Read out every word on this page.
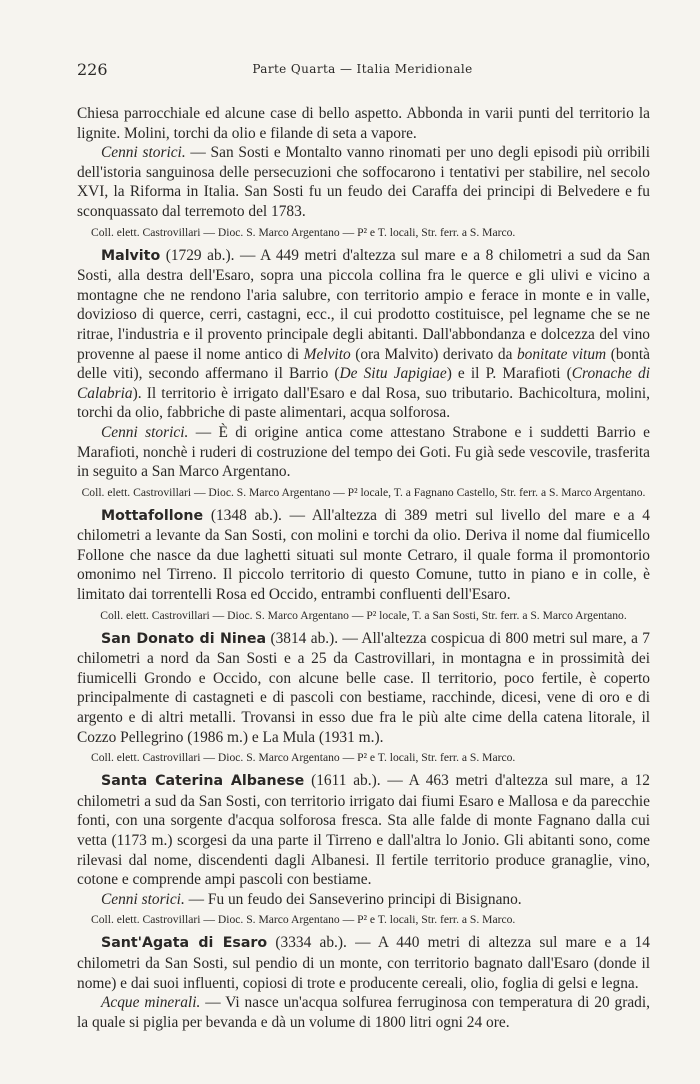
226	Parte Quarta — Italia Meridionale

Chiesa parrocchiale ed alcune case di bello aspetto. Abbonda in varii punti del territorio la lignite. Molini, torchi da olio e filande di seta a vapore.

Cenni storici. — San Sosti e Montalto vanno rinomati per uno degli episodi più orribili dell'istoria sanguinosa delle persecuzioni che soffocarono i tentativi per stabilire, nel secolo XVI, la Riforma in Italia. San Sosti fu un feudo dei Caraffa dei principi di Belvedere e fu sconquassato dal terremoto del 1783.

Coll. elett. Castrovillari — Dioc. S. Marco Argentano — P² e T. locali, Str. ferr. a S. Marco.

Malvito (1729 ab.). — A 449 metri d'altezza sul mare e a 8 chilometri a sud da San Sosti, alla destra dell'Esaro, sopra una piccola collina fra le querce e gli ulivi e vicino a montagne che ne rendono l'aria salubre, con territorio ampio e ferace in monte e in valle, dovizioso di querce, cerri, castagni, ecc., il cui prodotto costituisce, pel legname che se ne ritrae, l'industria e il provento principale degli abitanti. Dall'abbondanza e dolcezza del vino provenne al paese il nome antico di Melvito (ora Malvito) derivato da bonitate vitum (bontà delle viti), secondo affermano il Barrio (De Situ Japigiae) e il P. Marafioti (Cronache di Calabria). Il territorio è irrigato dall'Esaro e dal Rosa, suo tributario. Bachicoltura, molini, torchi da olio, fabbriche di paste alimentari, acqua solforosa.

Cenni storici. — È di origine antica come attestano Strabone e i suddetti Barrio e Marafioti, nonchè i ruderi di costruzione del tempo dei Goti. Fu già sede vescovile, trasferita in seguito a San Marco Argentano.

Coll. elett. Castrovillari — Dioc. S. Marco Argentano — P² locale, T. a Fagnano Castello, Str. ferr. a S. Marco Argentano.

Mottafollone (1348 ab.). — All'altezza di 389 metri sul livello del mare e a 4 chilometri a levante da San Sosti, con molini e torchi da olio. Deriva il nome dal fiumicello Follone che nasce da due laghetti situati sul monte Cetraro, il quale forma il promontorio omonimo nel Tirreno. Il piccolo territorio di questo Comune, tutto in piano e in colle, è limitato dai torrentelli Rosa ed Occido, entrambi confluenti dell'Esaro.

Coll. elett. Castrovillari — Dioc. S. Marco Argentano — P² locale, T. a San Sosti, Str. ferr. a S. Marco Argentano.

San Donato di Ninea (3814 ab.). — All'altezza cospicua di 800 metri sul mare, a 7 chilometri a nord da San Sosti e a 25 da Castrovillari, in montagna e in prossimità dei fiumicelli Grondo e Occido, con alcune belle case. Il territorio, poco fertile, è coperto principalmente di castagneti e di pascoli con bestiame, racchinde, dicesi, vene di oro e di argento e di altri metalli. Trovansi in esso due fra le più alte cime della catena litorale, il Cozzo Pellegrino (1986 m.) e La Mula (1931 m.).

Coll. elett. Castrovillari — Dioc. S. Marco Argentano — P² e T. locali, Str. ferr. a S. Marco.

Santa Caterina Albanese (1611 ab.). — A 463 metri d'altezza sul mare, a 12 chilometri a sud da San Sosti, con territorio irrigato dai fiumi Esaro e Mallosa e da parecchie fonti, con una sorgente d'acqua solforosa fresca. Sta alle falde di monte Fagnano dalla cui vetta (1173 m.) scorgesi da una parte il Tirreno e dall'altra lo Jonio. Gli abitanti sono, come rilevasi dal nome, discendenti dagli Albanesi. Il fertile territorio produce granaglie, vino, cotone e comprende ampi pascoli con bestiame.

Cenni storici. — Fu un feudo dei Sanseverino principi di Bisignano.

Coll. elett. Castrovillari — Dioc. S. Marco Argentano — P² e T. locali, Str. ferr. a S. Marco.

Sant'Agata di Esaro (3334 ab.). — A 440 metri di altezza sul mare e a 14 chilometri da San Sosti, sul pendio di un monte, con territorio bagnato dall'Esaro (donde il nome) e dai suoi influenti, copiosi di trote e producente cereali, olio, foglia di gelsi e legna.

Acque minerali. — Vi nasce un'acqua solfurea ferruginosa con temperatura di 20 gradi, la quale si piglia per bevanda e dà un volume di 1800 litri ogni 24 ore.
